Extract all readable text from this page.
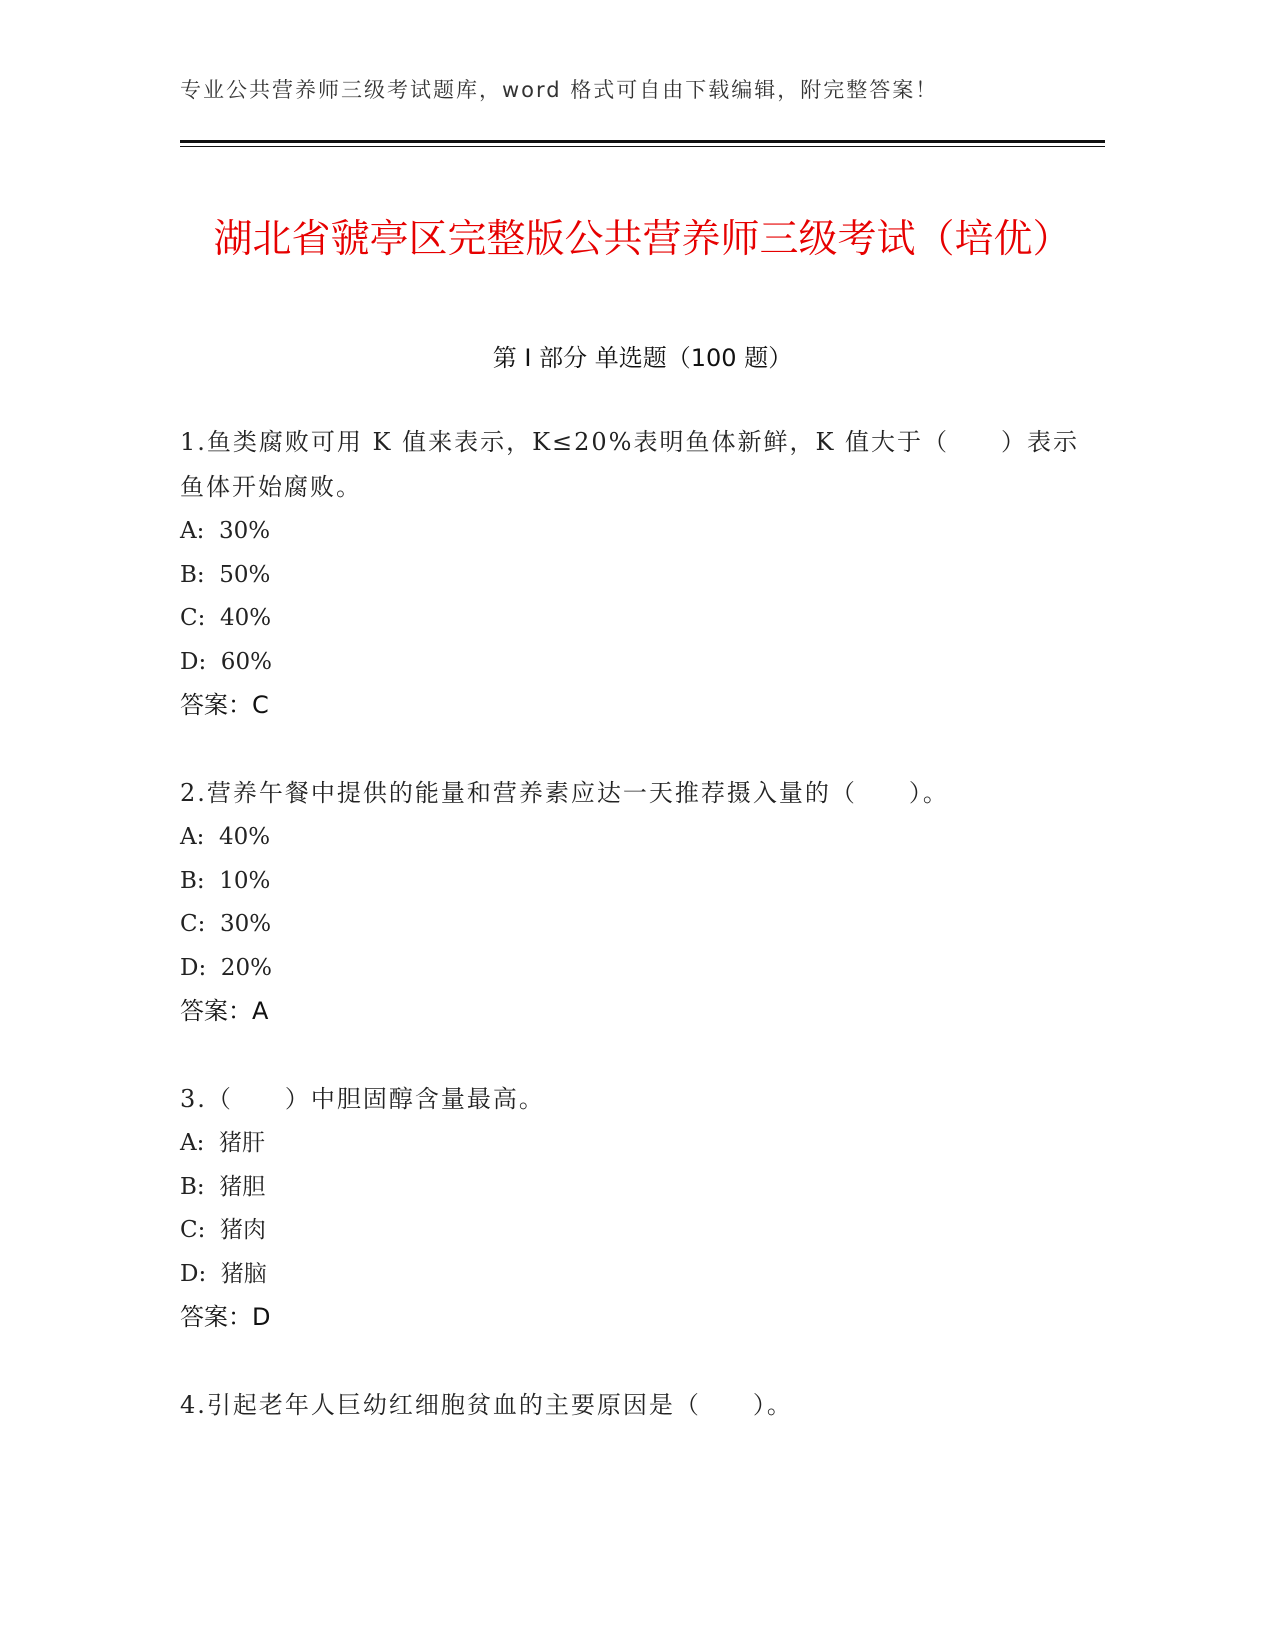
专业公共营养师三级考试题库，word 格式可自由下载编辑，附完整答案！
湖北省虢亭区完整版公共营养师三级考试（培优）
第 I 部分 单选题（100 题）
1.鱼类腐败可用 K 值来表示，K≤20%表明鱼体新鲜，K 值大于（　　）表示鱼体开始腐败。
A:  30%
B:  50%
C:  40%
D:  60%
答案：C
2.营养午餐中提供的能量和营养素应达一天推荐摄入量的（　　）。
A:  40%
B:  10%
C:  30%
D:  20%
答案：A
3.（　　）中胆固醇含量最高。
A:  猪肝
B:  猪胆
C:  猪肉
D:  猪脑
答案：D
4.引起老年人巨幼红细胞贫血的主要原因是（　　）。
